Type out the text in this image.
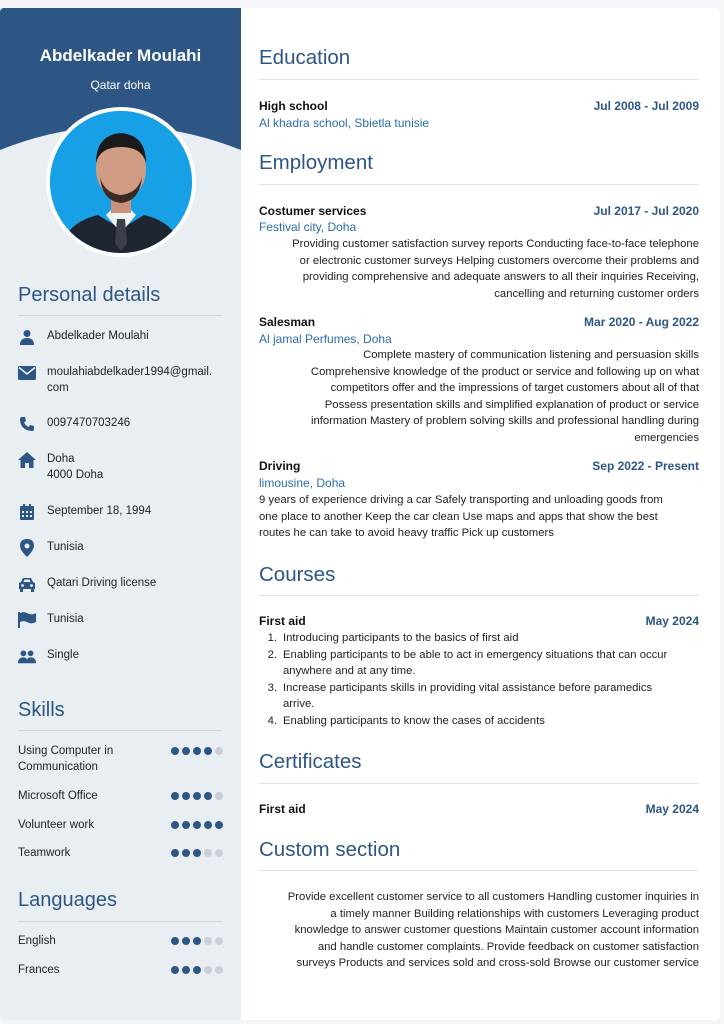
Abdelkader Moulahi
Qatar doha
Personal details
Abdelkader Moulahi
moulahiabdelkader1994@gmail.
com
0097470703246
Doha
4000 Doha
September 18, 1994
Tunisia
Qatari Driving license
Tunisia
Single
Skills
Using Computer in
Communication
Microsoft Office
Volunteer work
Teamwork
Languages
English
Frances
Education
High school	Jul 2008 - Jul 2009
Al khadra school, Sbietla tunisie
Employment
Costumer services	Jul 2017 - Jul 2020
Festival city, Doha
Providing customer satisfaction survey reports Conducting face-to-face telephone
or electronic customer surveys Helping customers overcome their problems and
providing comprehensive and adequate answers to all their inquiries Receiving,
cancelling and returning customer orders
Salesman	Mar 2020 - Aug 2022
Al jamal Perfumes, Doha
Complete mastery of communication listening and persuasion skills
Comprehensive knowledge of the product or service and following up on what
competitors offer and the impressions of target customers about all of that
Possess presentation skills and simplified explanation of product or service
information Mastery of problem solving skills and professional handling during
emergencies
Driving	Sep 2022 - Present
limousine, Doha
9 years of experience driving a car Safely transporting and unloading goods from
one place to another Keep the car clean Use maps and apps that show the best
routes he can take to avoid heavy traffic Pick up customers
Courses
First aid	May 2024
1. Introducing participants to the basics of first aid
2. Enabling participants to be able to act in emergency situations that can occur
anywhere and at any time.
3. Increase participants skills in providing vital assistance before paramedics
arrive.
4. Enabling participants to know the cases of accidents
Certificates
First aid	May 2024
Custom section
Provide excellent customer service to all customers Handling customer inquiries in
a timely manner Building relationships with customers Leveraging product
knowledge to answer customer questions Maintain customer account information
and handle customer complaints. Provide feedback on customer satisfaction
surveys Products and services sold and cross-sold Browse our customer service
